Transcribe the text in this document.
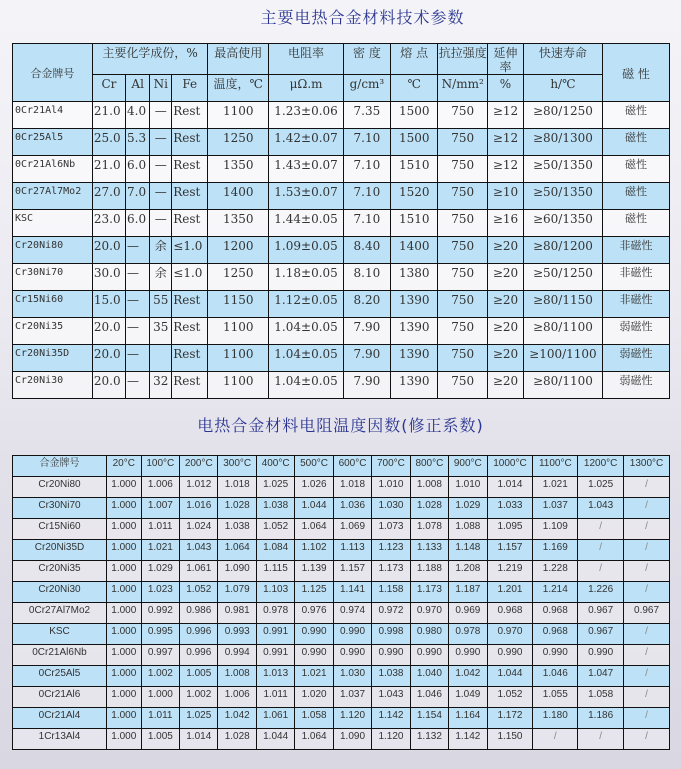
主要电热合金材料技术参数
合金牌号	主要化学成份，%				最高使用	电阻率	密 度	熔 点	抗拉强度	延伸率	快速寿命	磁 性
	Cr	Al	Ni	Fe	温度，℃	μΩ.m	g/cm³	℃	N/mm²	%	h/℃	
0Cr21Al4	21.0	4.0	—	Rest	1100	1.23±0.06	7.35	1500	750	≥12	≥80/1250	磁性
0Cr25Al5	25.0	5.3	—	Rest	1250	1.42±0.07	7.10	1500	750	≥12	≥80/1300	磁性
0Cr21Al6Nb	21.0	6.0	—	Rest	1350	1.43±0.07	7.10	1510	750	≥12	≥50/1350	磁性
0Cr27Al7Mo2	27.0	7.0	—	Rest	1400	1.53±0.07	7.10	1520	750	≥10	≥50/1350	磁性
KSC	23.0	6.0	—	Rest	1350	1.44±0.05	7.10	1510	750	≥16	≥60/1350	磁性
Cr20Ni80	20.0	—	余	≤1.0	1200	1.09±0.05	8.40	1400	750	≥20	≥80/1200	非磁性
Cr30Ni70	30.0	—	余	≤1.0	1250	1.18±0.05	8.10	1380	750	≥20	≥50/1250	非磁性
Cr15Ni60	15.0	—	55	Rest	1150	1.12±0.05	8.20	1390	750	≥20	≥80/1150	非磁性
Cr20Ni35	20.0	—	35	Rest	1100	1.04±0.05	7.90	1390	750	≥20	≥80/1100	弱磁性
Cr20Ni35D	20.0	—		Rest	1100	1.04±0.05	7.90	1390	750	≥20	≥100/1100	弱磁性
Cr20Ni30	20.0	—	32	Rest	1100	1.04±0.05	7.90	1390	750	≥20	≥80/1100	弱磁性
电热合金材料电阻温度因数(修正系数)
合金牌号	20°C	100°C	200°C	300°C	400°C	500°C	600°C	700°C	800°C	900°C	1000°C	1100°C	1200°C	1300°C
Cr20Ni80	1.000	1.006	1.012	1.018	1.025	1.026	1.018	1.010	1.008	1.010	1.014	1.021	1.025	/
Cr30Ni70	1.000	1.007	1.016	1.028	1.038	1.044	1.036	1.030	1.028	1.029	1.033	1.037	1.043	/
Cr15Ni60	1.000	1.011	1.024	1.038	1.052	1.064	1.069	1.073	1.078	1.088	1.095	1.109	/	/
Cr20Ni35D	1.000	1.021	1.043	1.064	1.084	1.102	1.113	1.123	1.133	1.148	1.157	1.169	/	/
Cr20Ni35	1.000	1.029	1.061	1.090	1.115	1.139	1.157	1.173	1.188	1.208	1.219	1.228	/	/
Cr20Ni30	1.000	1.023	1.052	1.079	1.103	1.125	1.141	1.158	1.173	1.187	1.201	1.214	1.226	/
0Cr27Al7Mo2	1.000	0.992	0.986	0.981	0.978	0.976	0.974	0.972	0.970	0.969	0.968	0.968	0.967	0.967
KSC	1.000	0.995	0.996	0.993	0.991	0.990	0.990	0.998	0.980	0.978	0.970	0.968	0.967	/
0Cr21Al6Nb	1.000	0.997	0.996	0.994	0.991	0.990	0.990	0.990	0.990	0.990	0.990	0.990	0.990	/
0Cr25Al5	1.000	1.002	1.005	1.008	1.013	1.021	1.030	1.038	1.040	1.042	1.044	1.046	1.047	/
0Cr21Al6	1.000	1.000	1.002	1.006	1.011	1.020	1.037	1.043	1.046	1.049	1.052	1.055	1.058	/
0Cr21Al4	1.000	1.011	1.025	1.042	1.061	1.058	1.120	1.142	1.154	1.164	1.172	1.180	1.186	/
1Cr13Al4	1.000	1.005	1.014	1.028	1.044	1.064	1.090	1.120	1.132	1.142	1.150	/	/	/
